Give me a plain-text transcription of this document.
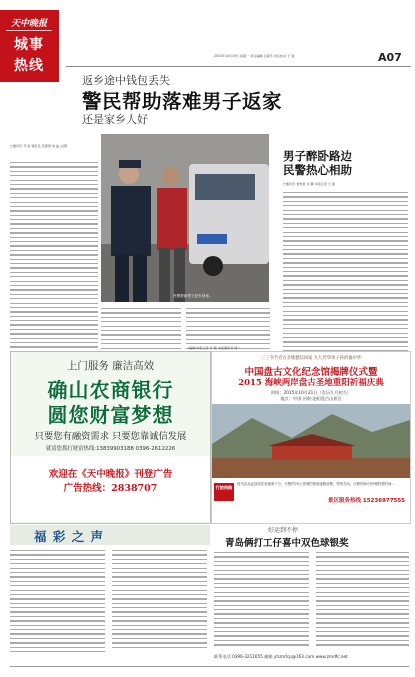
天中晚报
城事
热线
2015年10月19日 星期一 责任编辑 吕春芳 责任校对 王 蕾	A07
返乡途中钱包丢失
警民帮助落难男子返家
还是家乡人好
□通讯员 苏 哥 通讯员 范德清 刘 晶 文/图
民警帮助男子赶车回家。
（编辑/本报记者 范 刚 本报通讯员 周 ）
男子醉卧路边
民警热心相助
□通讯员 刘雪君 朱 鹏 本报记者 王 建
上门服务 廉洁高效
确山农商银行
圆您财富梦想
只要您有融资需求 只要您靠诚信发展
就请您拨打财富热线:13839903188 0396-2612226
欢迎在《天中晚报》刊登广告
广告热线：2838707
三三令节宫古圣地德信回家 九九芳华单子孙祈福中华
中国盘古文化纪念馆揭牌仪式暨
2015 海峡两岸盘古圣地重阳祈福庆典
时间：2015年10月21日（农历九月初九）
地点：中国·河南·泌阳盘古山景区
行旅线路
驻马店从泌县前往高速来十分，行程约70公里城约需高速路前程；郑州方向，行程约60分钟城约需时间...
景区服务热线 15236977555
福 彩 之 声	好运到不停
青岛俩打工仔喜中双色球银奖
联系电话 0396-3211655 邮箱 yhzmfcp@163.com www.zmdfc.net
